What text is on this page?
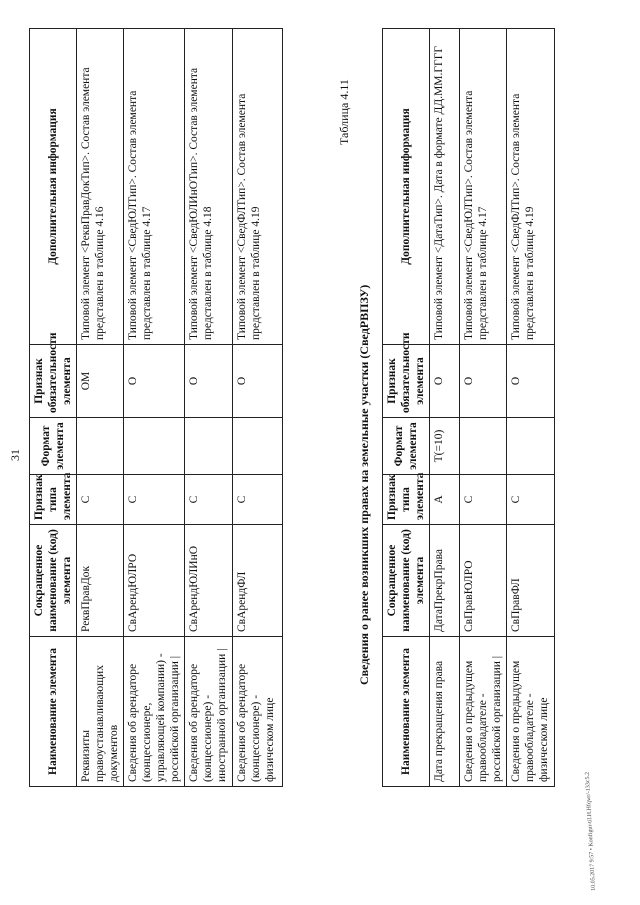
31
Наименование элемента	Сокращенное наименование (код) элемента	Признак типа элемента	Формат элемента	Признак обязательности элемента	Дополнительная информация
Реквизиты правоустанавливающих документов	РеквПравДок	С		ОМ	Типовой элемент <РеквПравДокТип>. Состав элемента представлен в таблице 4.16
Сведения об арендаторе (концессионере, управляющей компании) - российской организации |	СвАрендЮЛРО	С		О	Типовой элемент <СведЮЛТип>. Состав элемента представлен в таблице 4.17
Сведения об арендаторе (концессионере) - иностранной организации |	СвАрендЮЛИнО	С		О	Типовой элемент <СведЮЛИнОТип>. Состав элемента представлен в таблице 4.18
Сведения об арендаторе (концессионере) - физическом лице	СвАрендФЛ	С		О	Типовой элемент <СведФЛТип>. Состав элемента представлен в таблице 4.19
Таблица 4.11
Сведения о ранее возникших правах на земельные участки (СведРВПЗУ)
Наименование элемента	Сокращенное наименование (код) элемента	Признак типа элемента	Формат элемента	Признак обязательности элемента	Дополнительная информация
Дата прекращения права	ДатаПрекрПрава	А	T(=10)	О	Типовой элемент <ДатаТип>. Дата в формате ДД.ММ.ГГГГ
Сведения о предыдущем правообладателе - российской организации |	СвПравЮЛРО	С		О	Типовой элемент <СведЮЛТип>. Состав элемента представлен в таблице 4.17
Сведения о предыдущем правообладателе - физическом лице	СвПравФЛ	С		О	Типовой элемент <СведФЛТип>. Состав элемента представлен в таблице 4.19
10.05.2017 9:57 • Konfigur-til.H.Hfqwr/-133с5.2
